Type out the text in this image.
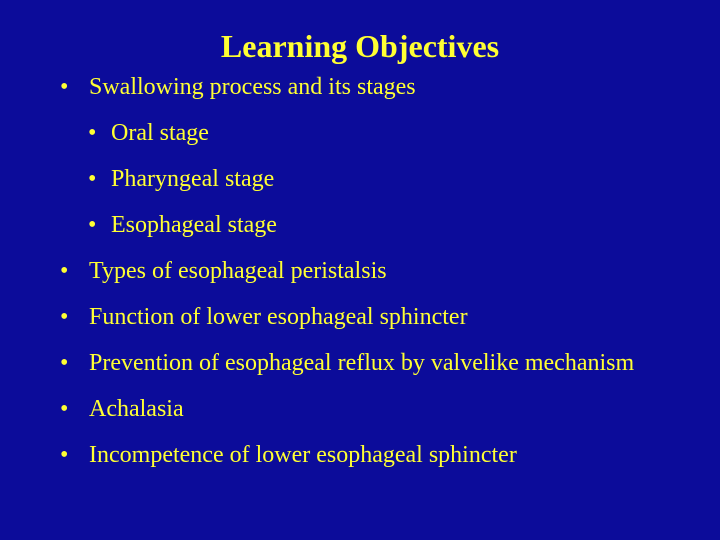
Learning Objectives
• Swallowing process and its stages
• Oral stage
• Pharyngeal stage
• Esophageal stage
• Types of esophageal peristalsis
• Function of lower esophageal sphincter
• Prevention of esophageal reflux by valvelike mechanism
• Achalasia
• Incompetence of lower esophageal sphincter
